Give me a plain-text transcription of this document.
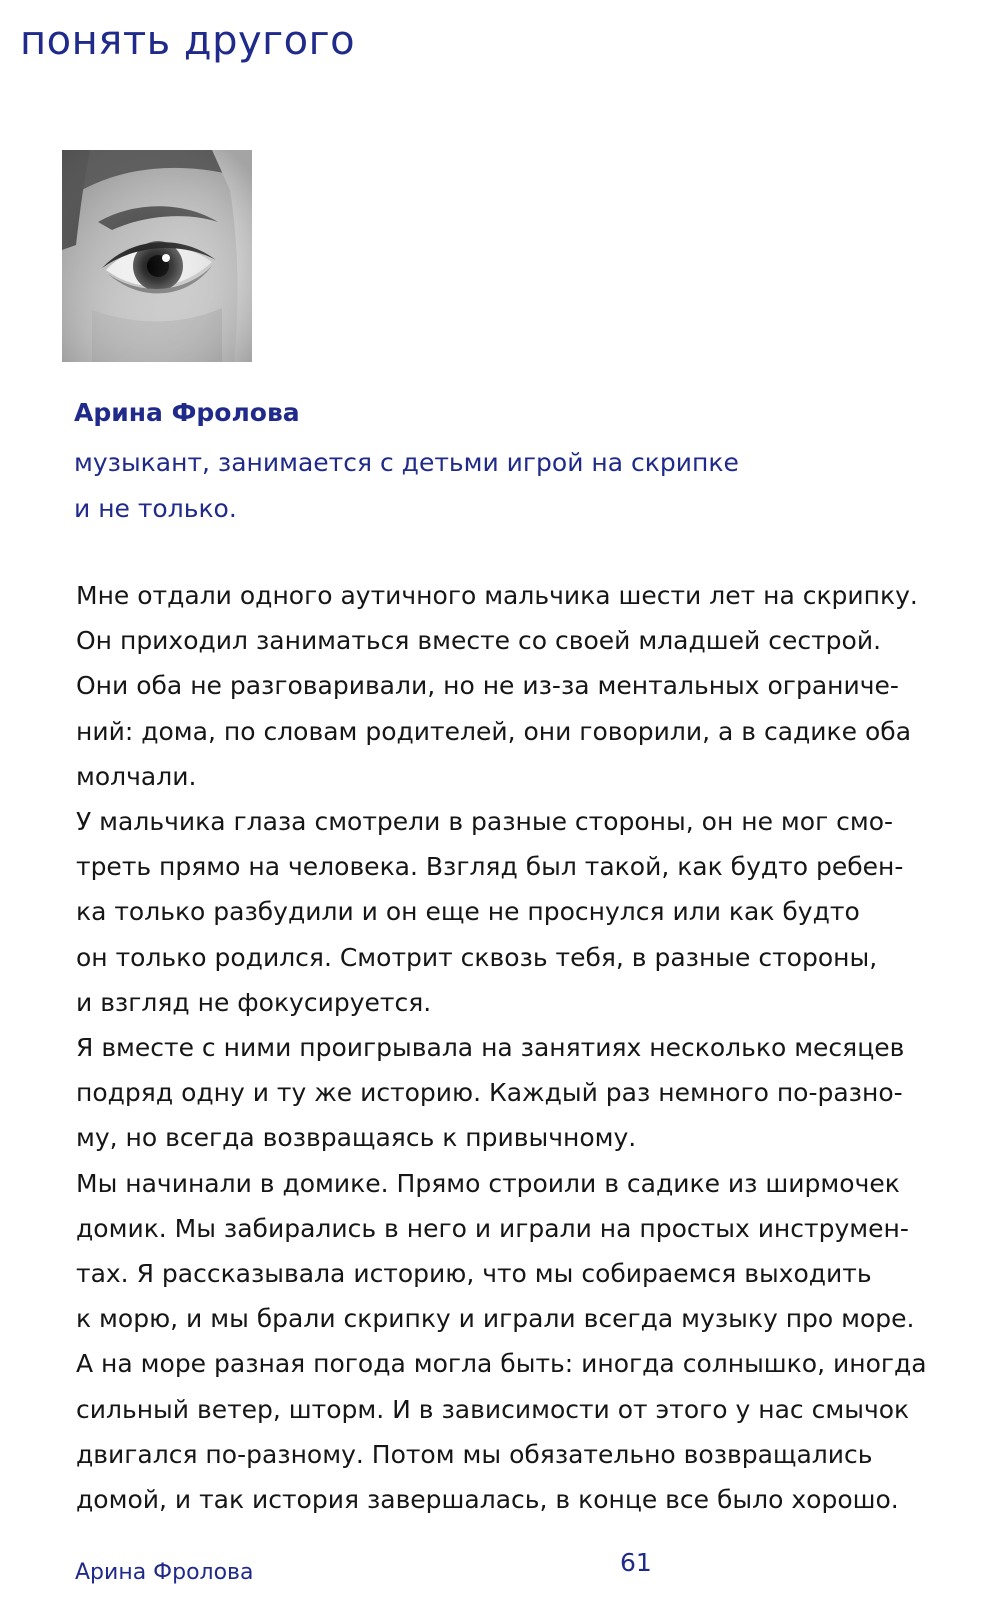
понять другого

Арина Фролова

музыкант, занимается с детьми игрой на скрипке
и не только.

Мне отдали одного аутичного мальчика шести лет на скрипку.
Он приходил заниматься вместе со своей младшей сестрой.
Они оба не разговаривали, но не из-за ментальных ограниче-
ний: дома, по словам родителей, они говорили, а в садике оба
молчали.
У мальчика глаза смотрели в разные стороны, он не мог смо-
треть прямо на человека. Взгляд был такой, как будто ребен-
ка только разбудили и он еще не проснулся или как будто
он только родился. Смотрит сквозь тебя, в разные стороны,
и взгляд не фокусируется.
Я вместе с ними проигрывала на занятиях несколько месяцев
подряд одну и ту же историю. Каждый раз немного по-разно-
му, но всегда возвращаясь к привычному.
Мы начинали в домике. Прямо строили в садике из ширмочек
домик. Мы забирались в него и играли на простых инструмен-
тах. Я рассказывала историю, что мы собираемся выходить
к морю, и мы брали скрипку и играли всегда музыку про море.
А на море разная погода могла быть: иногда солнышко, иногда
сильный ветер, шторм. И в зависимости от этого у нас смычок
двигался по-разному. Потом мы обязательно возвращались
домой, и так история завершалась, в конце все было хорошо.
Арина Фролова	61
